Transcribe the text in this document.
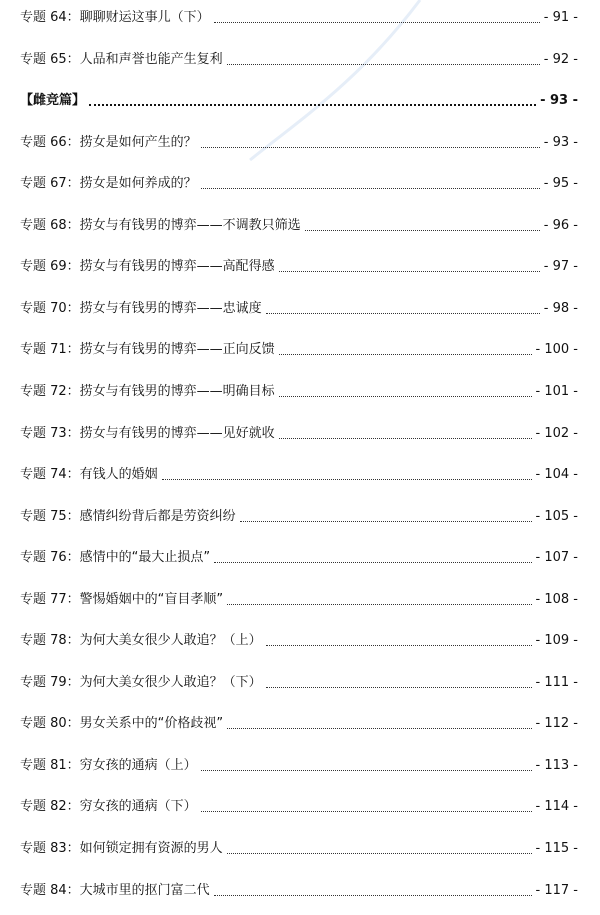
专题 64：聊聊财运这事儿（下）	- 91 -
专题 65：人品和声誉也能产生复利	- 92 -
【雌竞篇】	- 93 -
专题 66：捞女是如何产生的？	- 93 -
专题 67：捞女是如何养成的？	- 95 -
专题 68：捞女与有钱男的博弈——不调教只筛选	- 96 -
专题 69：捞女与有钱男的博弈——高配得感	- 97 -
专题 70：捞女与有钱男的博弈——忠诚度	- 98 -
专题 71：捞女与有钱男的博弈——正向反馈	- 100 -
专题 72：捞女与有钱男的博弈——明确目标	- 101 -
专题 73：捞女与有钱男的博弈——见好就收	- 102 -
专题 74：有钱人的婚姻	- 104 -
专题 75：感情纠纷背后都是劳资纠纷	- 105 -
专题 76：感情中的“最大止损点”	- 107 -
专题 77：警惕婚姻中的“盲目孝顺”	- 108 -
专题 78：为何大美女很少人敢追？（上）	- 109 -
专题 79：为何大美女很少人敢追？（下）	- 111 -
专题 80：男女关系中的“价格歧视”	- 112 -
专题 81：穷女孩的通病（上）	- 113 -
专题 82：穷女孩的通病（下）	- 114 -
专题 83：如何锁定拥有资源的男人	- 115 -
专题 84：大城市里的抠门富二代	- 117 -
